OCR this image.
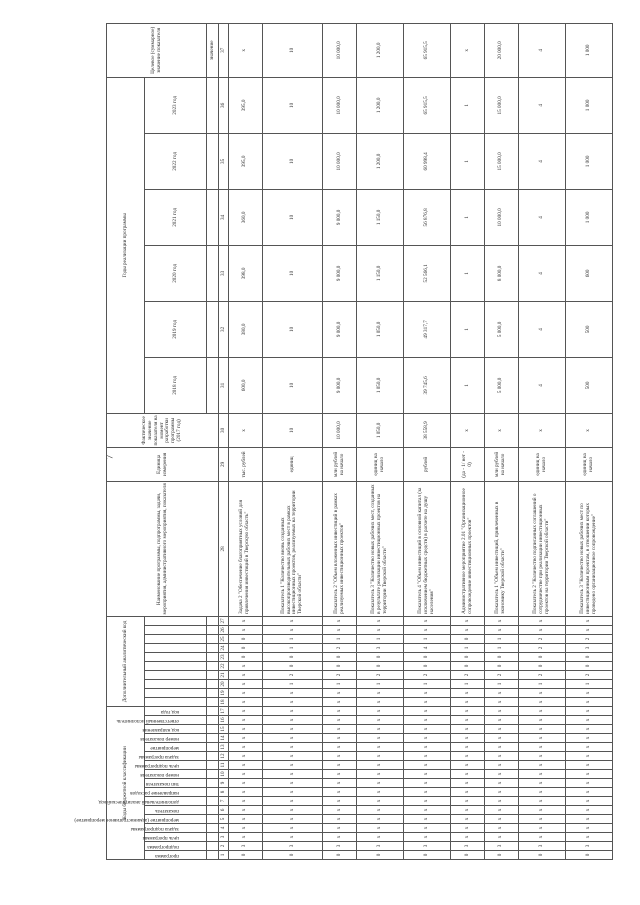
7
Коды бюджетной классификации																	Дополнительный аналитический код										Наименование программы, подпрограммы, задачи, мероприятия, административного мероприятия, показателя	Единица измерения	Фактическое значение показателя на момент разработки программы (2017 год)	Годы реализации программы						Целевое (суммарное) значение показателя

программа	подпрограмма	цель программы	задача подпрограммы	мероприятие (административное мероприятие)	показатель	дополнительный аналитический код	направление расходов	тип показателя	номер показателя	цель подпрограммы	задача программы	мероприятие	номер показателя	код направления	ответственный исполнитель	код года														2018 год	2019 год	2020 год	2021 год	2022 год	2023 год	
																																				значение
1	2	3	4	5	6	7	8	9	10	11	12	13	14	15	16	17	18	19	20	21	22	23	24	25	26	27	28	29	30	31	32	33	34	35	36	37
0	3	x	x	x	x	x	x	x	x	x	x	x	x	x	x	x	x	x	x	x	x	0	0	0	x	x	Задача 2 "Обеспечение благоприятных условий для привлечения инвестиций в Тверскую область"	тыс. рублей	х	600,0	380,0	398,0	360,0	395,0	395,0	х
0	3	x	x	x	x	x	x	x	x	x	x	x	x	x	x	x	x	x	1	2	0	0	1	1	x	x	Показатель 1 "Количество вновь созданных высокопроизводительных рабочих мест в рамках инвестиционных проектов, реализуемых на территории Тверской области"	единиц	10	10	10	10	10	10	10	10
0	3	x	x	x	x	x	x	x	x	x	x	x	x	x	x	x	x	x	1	2	0	0	2	1	x	x	Показатель 2 "Объем вложенных инвестиций в рамках реализуемых инвестиционных проектов"	млн рублей на начало	10 000,0	9 000,0	9 000,0	9 000,0	9 000,0	10 000,0	10 000,0	10 000,0
0	3	x	x	x	x	x	x	x	x	x	x	x	x	x	x	x	x	x	1	2	0	0	3	1	x	x	Показатель 3 "Количество новых рабочих мест, созданных в результате реализации инвестиционных проектов на территории Тверской области"	единиц на начало	1 050,0	1 050,0	1 050,0	1 150,0	1 150,0	1 200,0	1 200,0	1 200,0
0	3	x	x	x	x	x	x	x	x	x	x	x	x	x	x	x	x	x	1	2	0	0	4	1	x	x	Показатель 4 "Объем инвестиций в основной капитал (за исключением бюджетных средств) в расчете на душу населения"	рублей	38 558,9	39 745,6	49 317,7	52 566,1	56 876,8	60 998,4	65 915,5	65 915,5
0	3	x	x	x	x	x	x	x	x	x	x	x	x	x	x	x	x	x	1	2	0	0	1	0	x	x	Административное мероприятие 2.01 "Организационное сопровождение инвестиционных проектов"	(да - 1/ нет - 0)	х	1	1	1	1	1	1	х
0	3	x	x	x	x	x	x	x	x	x	x	x	x	x	x	x	x	x	1	2	0	0	1	1	x	x	Показатель 1 "Объем инвестиций, привлеченных в экономику Тверской области"	млн рублей на начало	х	5 000,0	5 000,0	8 000,0	10 000,0	15 000,0	15 000,0	20 000,0
0	3	x	x	x	x	x	x	x	x	x	x	x	x	x	x	x	x	x	1	2	0	0	2	2	x	x	Показатель 2 "Количество подписанных соглашений о сотрудничестве при реализации инвестиционных проектов на территории Тверской области"	единиц на начало	х	4	4	4	4	4	4	4
0	3	x	x	x	x	x	x	x	x	x	x	x	x	x	x	x	x	x	1	2	0	0	3	2	x	x	Показатель 3 "Количество новых рабочих мест по инвестиционным проектам, в отношении которых проведено организационное сопровождение"	единиц на начало	х	500	500	600	1 000	1 000	1 000	1 000
